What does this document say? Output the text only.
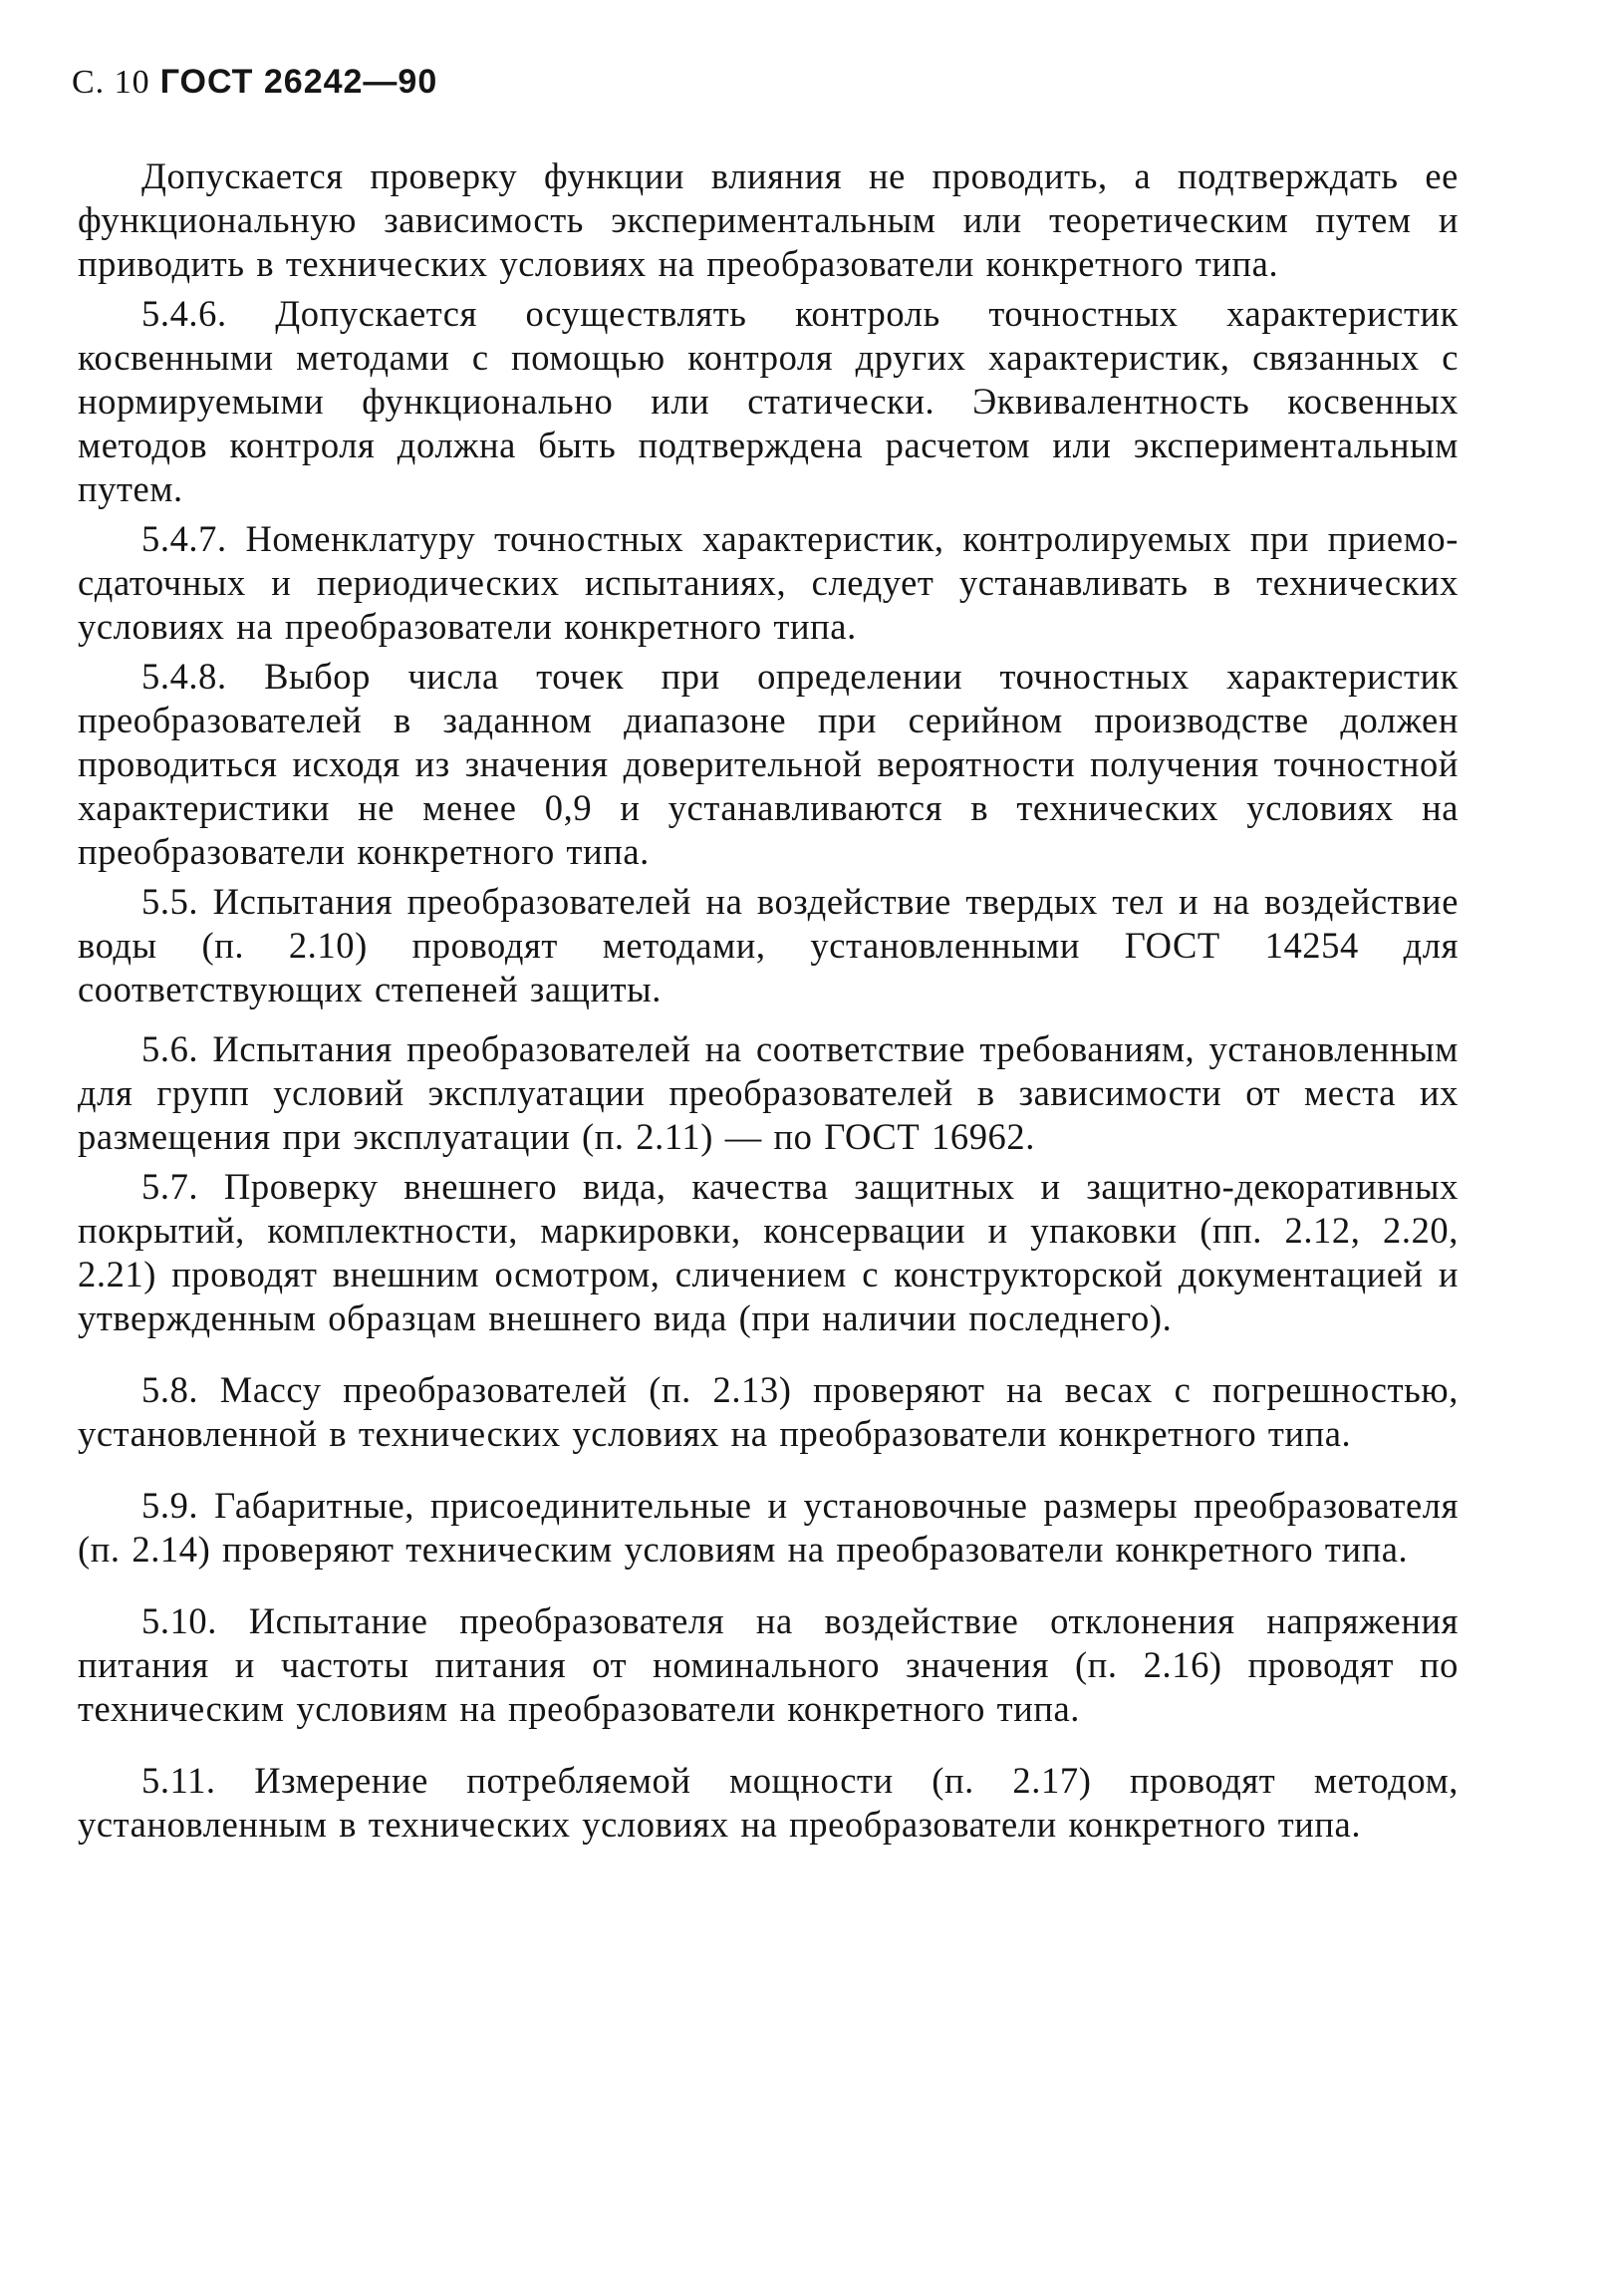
С. 10 ГОСТ 26242—90

Допускается проверку функции влияния не проводить, а подтверждать ее функциональную зависимость экспериментальным или теоретическим путем и приводить в технических условиях на преобразователи конкретного типа.

5.4.6. Допускается осуществлять контроль точностных характеристик косвенными методами с помощью контроля других характеристик, связанных с нормируемыми функционально или статически. Эквивалентность косвенных методов контроля должна быть подтверждена расчетом или экспериментальным путем.

5.4.7. Номенклатуру точностных характеристик, контролируемых при приемо-сдаточных и периодических испытаниях, следует устанавливать в технических условиях на преобразователи конкретного типа.

5.4.8. Выбор числа точек при определении точностных характеристик преобразователей в заданном диапазоне при серийном производстве должен проводиться исходя из значения доверительной вероятности получения точностной характеристики не менее 0,9 и устанавливаются в технических условиях на преобразователи конкретного типа.

5.5. Испытания преобразователей на воздействие твердых тел и на воздействие воды (п. 2.10) проводят методами, установленными ГОСТ 14254 для соответствующих степеней защиты.

5.6. Испытания преобразователей на соответствие требованиям, установленным для групп условий эксплуатации преобразователей в зависимости от места их размещения при эксплуатации (п. 2.11) — по ГОСТ 16962.

5.7. Проверку внешнего вида, качества защитных и защитно-декоративных покрытий, комплектности, маркировки, консервации и упаковки (пп. 2.12, 2.20, 2.21) проводят внешним осмотром, сличением с конструкторской документацией и утвержденным образцам внешнего вида (при наличии последнего).

5.8. Массу преобразователей (п. 2.13) проверяют на весах с погрешностью, установленной в технических условиях на преобразователи конкретного типа.

5.9. Габаритные, присоединительные и установочные размеры преобразователя (п. 2.14) проверяют техническим условиям на преобразователи конкретного типа.

5.10. Испытание преобразователя на воздействие отклонения напряжения питания и частоты питания от номинального значения (п. 2.16) проводят по техническим условиям на преобразователи конкретного типа.

5.11. Измерение потребляемой мощности (п. 2.17) проводят методом, установленным в технических условиях на преобразователи конкретного типа.
